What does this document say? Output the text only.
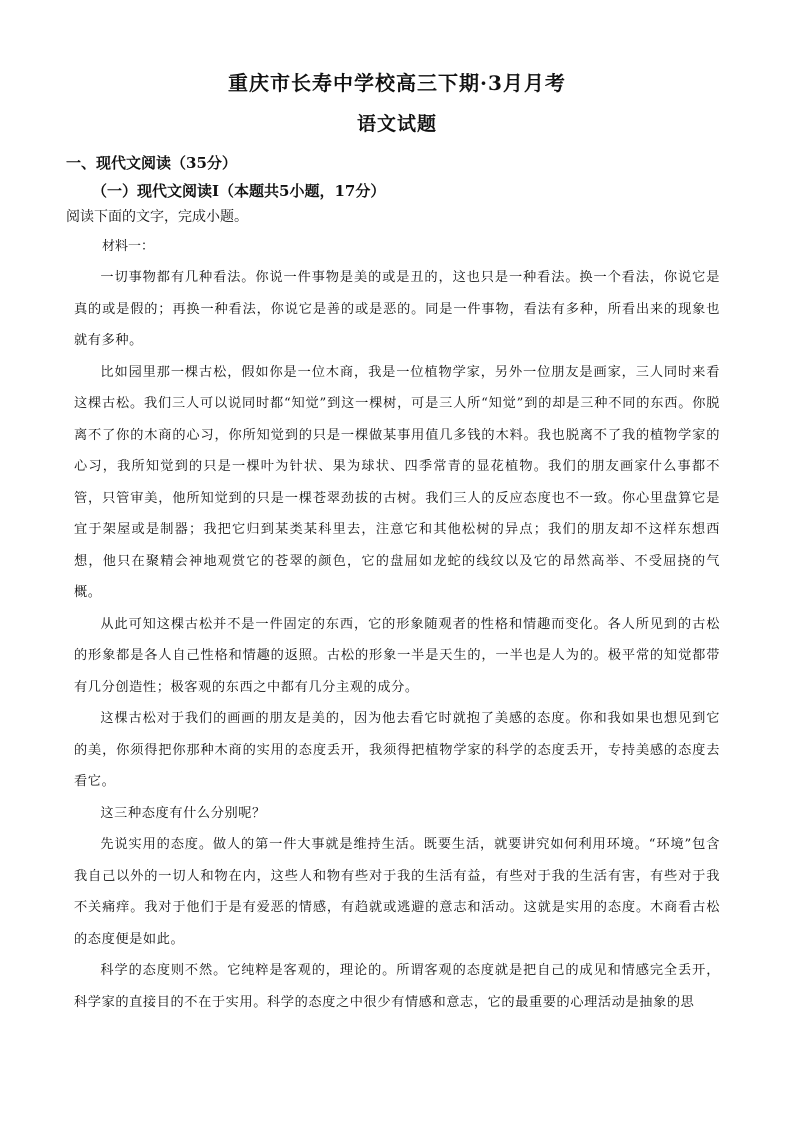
重庆市长寿中学校高三下期·3月月考
语文试题
一、现代文阅读（35分）
（一）现代文阅读Ⅰ（本题共5小题，17分）
阅读下面的文字，完成小题。
材料一：

一切事物都有几种看法。你说一件事物是美的或是丑的，这也只是一种看法。换一个看法，你说它是真的或是假的；再换一种看法，你说它是善的或是恶的。同是一件事物，看法有多种，所看出来的现象也就有多种。

比如园里那一棵古松，假如你是一位木商，我是一位植物学家，另外一位朋友是画家，三人同时来看这棵古松。我们三人可以说同时都“知觉”到这一棵树，可是三人所“知觉”到的却是三种不同的东西。你脱离不了你的木商的心习，你所知觉到的只是一棵做某事用值几多钱的木料。我也脱离不了我的植物学家的心习，我所知觉到的只是一棵叶为针状、果为球状、四季常青的显花植物。我们的朋友画家什么事都不管，只管审美，他所知觉到的只是一棵苍翠劲拔的古树。我们三人的反应态度也不一致。你心里盘算它是宜于架屋或是制器；我把它归到某类某科里去，注意它和其他松树的异点；我们的朋友却不这样东想西想，他只在聚精会神地观赏它的苍翠的颜色，它的盘屈如龙蛇的线纹以及它的昂然高举、不受屈挠的气概。

从此可知这棵古松并不是一件固定的东西，它的形象随观者的性格和情趣而变化。各人所见到的古松的形象都是各人自己性格和情趣的返照。古松的形象一半是天生的，一半也是人为的。极平常的知觉都带有几分创造性；极客观的东西之中都有几分主观的成分。

这棵古松对于我们的画画的朋友是美的，因为他去看它时就抱了美感的态度。你和我如果也想见到它的美，你须得把你那种木商的实用的态度丢开，我须得把植物学家的科学的态度丢开，专持美感的态度去看它。

这三种态度有什么分别呢？

先说实用的态度。做人的第一件大事就是维持生活。既要生活，就要讲究如何利用环境。“环境”包含我自己以外的一切人和物在内，这些人和物有些对于我的生活有益，有些对于我的生活有害，有些对于我不关痛痒。我对于他们于是有爱恶的情感，有趋就或逃避的意志和活动。这就是实用的态度。木商看古松的态度便是如此。

科学的态度则不然。它纯粹是客观的，理论的。所谓客观的态度就是把自己的成见和情感完全丢开，科学家的直接目的不在于实用。科学的态度之中很少有情感和意志，它的最重要的心理活动是抽象的思
